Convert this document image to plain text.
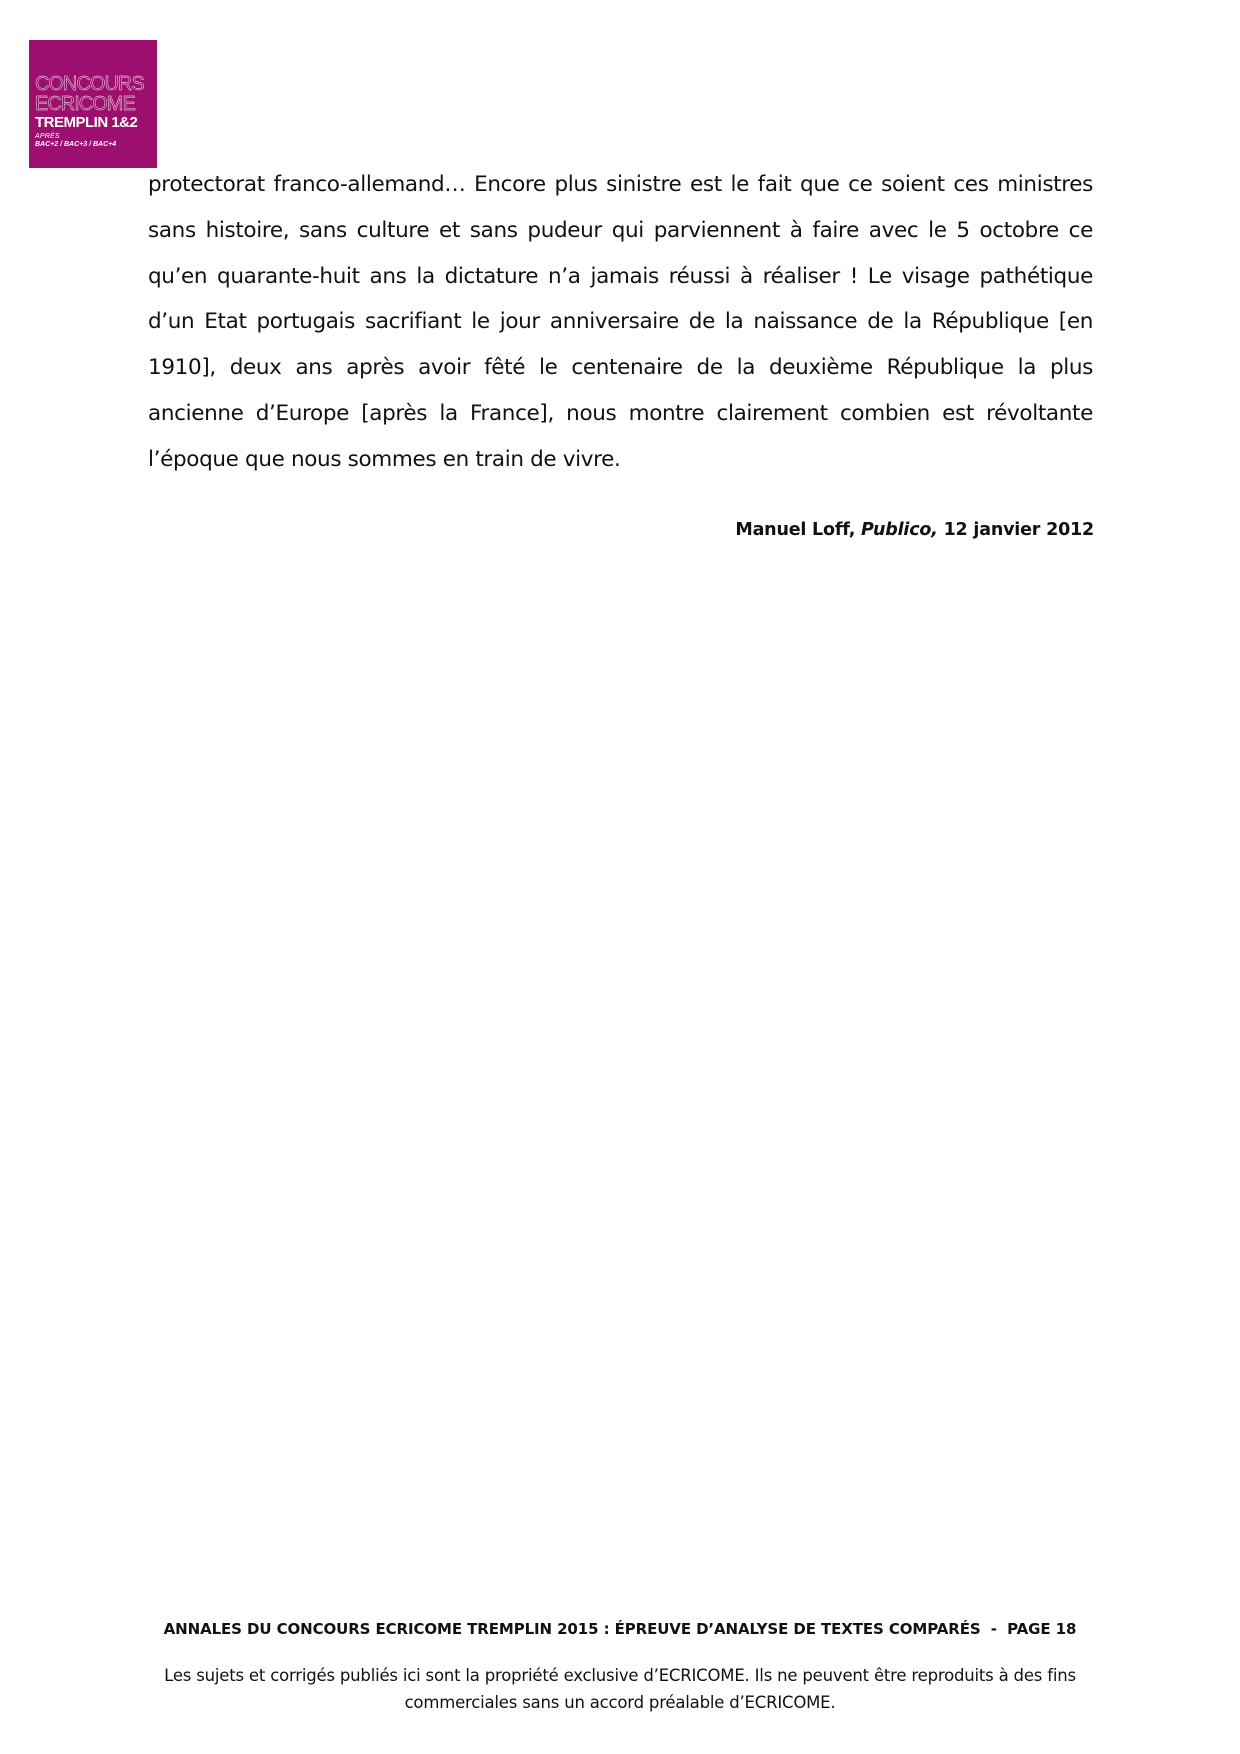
CONCOURS
ECRICOME
TREMPLIN 1&2
APRÈS
BAC+2 / BAC+3 / BAC+4

protectorat franco-allemand… Encore plus sinistre est le fait que ce soient ces ministres sans histoire, sans culture et sans pudeur qui parviennent à faire avec le 5 octobre ce qu’en quarante-huit ans la dictature n’a jamais réussi à réaliser ! Le visage pathétique d’un Etat portugais sacrifiant le jour anniversaire de la naissance de la République [en 1910], deux ans après avoir fêté le centenaire de la deuxième République la plus ancienne d’Europe [après la France], nous montre clairement combien est révoltante l’époque que nous sommes en train de vivre.

Manuel Loff, Publico, 12 janvier 2012
ANNALES DU CONCOURS ECRICOME TREMPLIN 2015 : ÉPREUVE D’ANALYSE DE TEXTES COMPARÉS  -  PAGE 18

Les sujets et corrigés publiés ici sont la propriété exclusive d’ECRICOME. Ils ne peuvent être reproduits à des fins commerciales sans un accord préalable d’ECRICOME.
